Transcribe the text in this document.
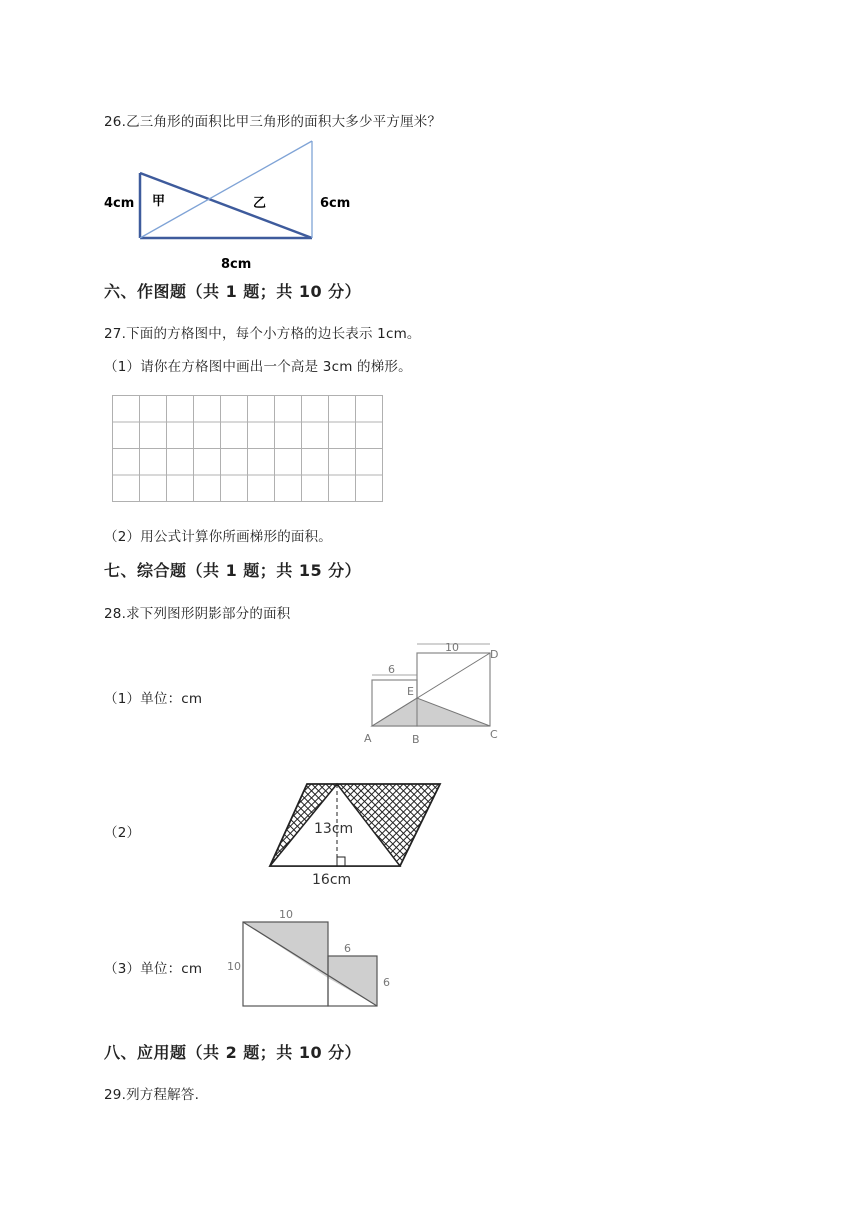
26.乙三角形的面积比甲三角形的面积大多少平方厘米？
4cm 甲	乙	6cm
8cm
六、作图题（共 1 题；共 10 分）
27.下面的方格图中，每个小方格的边长表示 1cm。
（1）请你在方格图中画出一个高是 3cm 的梯形。
（2）用公式计算你所画梯形的面积。
七、综合题（共 1 题；共 15 分）
28.求下列图形阴影部分的面积
（1）单位：cm
10
6
A	B	C
D
E
（2）	13cm
16cm
（3）单位：cm
10
10
6
6
八、应用题（共 2 题；共 10 分）
29.列方程解答.
